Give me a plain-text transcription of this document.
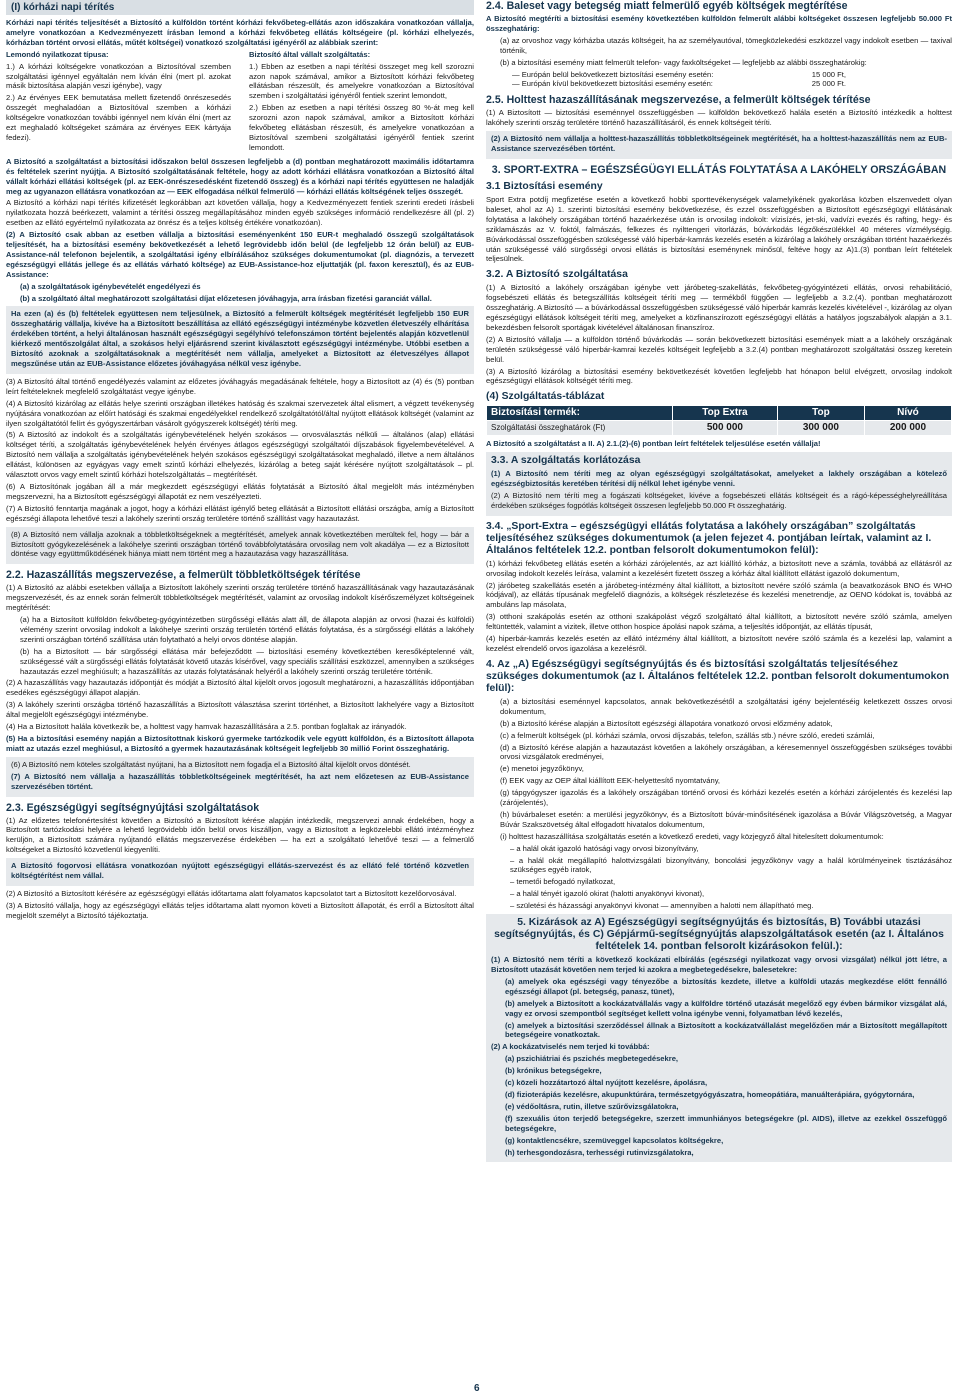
(I) kórházi napi térítés

Kórházi napi térítés teljesítését a Biztosító a külföldön történt kórházi fekvőbeteg-ellátás azon időszakára vonatkozóan vállalja, amelyre vonatkozóan a Kedvezményezett írásban lemond a kórházi fekvőbeteg ellátás költségeire (pl. kórházi elhelyezés, kórházban történt orvosi ellátás, műtét költségei) vonatkozó szolgáltatási igényéről az alábbiak szerint:

Lemondó nyilatkozat típusa:

1.) A kórházi költségekre vonatkozóan a Biztosítóval szemben szolgáltatási igénnyel egyáltalán nem kíván élni (mert pl. azokat másik biztosítása alapján veszi igénybe), vagy

2.) Az érvényes EEK bemutatása mellett fizetendő önrészesedés összegét meghaladóan a Biztosítóval szemben a kórházi költségekre vonatkozóan további igénnyel nem kíván élni (mert az ezt meghaladó költségeket számára az érvényes EEK kártyája fedezi).

Biztosító által vállalt szolgáltatás:

1.) Ebben az esetben a napi térítési összeget meg kell szorozni azon napok számával, amikor a Biztosított kórházi fekvőbeteg ellátásban részesült, és amelyekre vonatkozóan a Biztosítóval szemben i szolgáltatási igényéről fentiek szerint lemondott,

2.) Ebben az esetben a napi térítési összeg 80 %-át meg kell szorozni azon napok számával, amikor a Biztosított kórházi fekvőbeteg ellátásban részesült, és amelyekre vonatkozóan a Biztosítóval szembeni szolgáltatási igényéről fentiek szerint lemondott.

A Biztosító a szolgáltatást a biztosítási időszakon belül összesen legfeljebb a (d) pontban meghatározott maximális időtartamra és feltételek szerint nyújtja. A Biztosító szolgáltatásának feltétele, hogy az adott kórházi ellátásra vonatkozóan a Biztosító által vállalt kórházi ellátási költségek (pl. az EEK-önrészesedésként fizetendő összeg) és a kórházi napi térítés együttesen ne haladják meg az ugyanazon ellátásra vonatkozóan az — EEK elfogadása nélkül felmerülő — kórházi ellátás költségének teljes összegét.

A Biztosító a kórházi napi térítés kifizetését legkorábban azt követően vállalja, hogy a Kedvezményezett fentiek szerinti eredeti írásbeli nyilatkozata hozzá beérkezett, valamint a térítési összeg megállapításához minden egyéb szükséges információ rendelkezésre áll (pl. 2) esetben az ellátó egyértelmű nyilatkozata az önrész és a teljes költség értékére vonatkozóan).

(2) A Biztosító csak abban az esetben vállalja a biztosítási eseményenként 150 EUR-t meghaladó összegű szolgáltatások teljesítését, ha a biztosítási esemény bekövetkezését a lehető legrövidebb időn belül (de legfeljebb 12 órán belül) az EUB-Assistance-nál telefonon bejelentik, a szolgáltatási igény elbírálásához szükséges dokumentumokat (pl. diagnózis, a tervezett egészségügyi ellátás jellege és az ellátás várható költsége) az EUB-Assistance-hoz eljuttatják (pl. faxon keresztül), és az EUB-Assistance:

(a) a szolgáltatások igénybevételét engedélyezi és

(b) a szolgáltató által meghatározott szolgáltatási díjat előzetesen jóváhagyja, arra írásban fizetési garanciát vállal.

Ha ezen (a) és (b) feltételek együttesen nem teljesülnek, a Biztosító a felmerült költségek megtérítését legfeljebb 150 EUR összeghatárig vállalja, kivéve ha a Biztosított beszállítása az ellátó egészségügyi intézménybe közvetlen életveszély elhárítása érdekében történt, a helyi általánosan használt egészségügyi segélyhívó telefonszámon történt bejelentés alapján közvetlenül kiérkező mentőszolgálat által, a szokásos helyi eljárásrend szerint kiválasztott egészségügyi intézménybe. Utóbbi esetben a Biztosító azoknak a szolgáltatásoknak a megtérítését nem vállalja, amelyeket a Biztosított az életveszélyes állapot megszűnése után az EUB-Assistance előzetes jóváhagyása nélkül vesz igénybe.

(3) A Biztosító által történő engedélyezés valamint az előzetes jóváhagyás megadásának feltétele, hogy a Biztosított az (4) és (5) pontban leírt feltételeknek megfelelő szolgáltatást vegye igénybe.

(4) A Biztosító kizárólag az ellátás helye szerinti országban illetékes hatóság és szakmai szervezetek által elismert, a végzett tevékenység nyújtására vonatkozóan az előírt hatósági és szakmai engedélyekkel rendelkező szolgáltatótól/által nyújtott ellátások költségét (valamint az ilyen szolgáltatótól felírt és gyógyszertárban vásárolt gyógyszerek költségét) téríti meg.

(5) A Biztosító az indokolt és a szolgáltatás igénybevételének helyén szokásos — orvosválasztás nélküli — általános (alap) ellátási költséget téríti, a szolgáltatás igénybevételének helyén érvényes átlagos egészségügyi szolgáltatói díjszabások figyelembevételével. A Biztosító nem vállalja a szolgáltatás igénybevételének helyén szokásos egészségügyi szolgáltatásokat meghaladó, illetve a nem általános ellátást, különösen az egyágyas vagy emelt szintű kórházi elhelyezés, kizárólag a beteg saját kérésére nyújtott szolgáltatások – pl. választott orvos vagy emelt szintű kórházi hotelszolgáltatás – megtérítését.

(6) A Biztosítónak jogában áll a már megkezdett egészségügyi ellátás folytatását a Biztosító által megjelölt más intézményben megszervezni, ha a Biztosított egészségügyi állapotát ez nem veszélyezteti.

(7) A Biztosító fenntartja magának a jogot, hogy a kórházi ellátást igénylő beteg ellátását a Biztosított ellátási országba, amíg a Biztosított egészségi állapota lehetővé teszi a lakóhely szerinti ország területére történő szállítást vagy hazautazást.

(8) A Biztosító nem vállalja azoknak a többletköltségeknek a megtérítését, amelyek annak következtében merültek fel, hogy — bár a Biztosított gyógykezelésének a lakóhelye szerinti országban történő továbbfolytatására orvosilag nem volt akadálya — ez a Biztosított döntése vagy együttműködésének hiánya miatt nem történt meg a hazautazása vagy hazaszállítása.

2.2. Hazaszállítás megszervezése, a felmerült többletköltségek térítése

(1) A Biztosító az alábbi esetekben vállalja a Biztosított lakóhely szerinti ország területére történő hazaszállításának vagy hazautazásának megszervezését, és az ennek során felmerült többletköltségek megtérítését, valamint az orvosilag indokolt kísérőszemélyzet költségeinek megtérítését:

(a) ha a Biztosított külföldön fekvőbeteg-gyógyintézetben sürgősségi ellátás alatt áll, de állapota alapján az orvosi (hazai és külföldi) vélemény szerint orvosilag indokolt a lakóhelye szerinti ország területén történő ellátás folytatása, és a sürgősségi ellátás a lakóhely szerinti országban történő szállítása után folytatható a helyi orvos döntése alapján.

(b) ha a Biztosított — bár sürgősségi ellátása már befejeződött — biztosítási esemény következtében keresőképtelenné vált, szükségessé vált a sürgősségi ellátás folytatását követő utazás kísérővel, vagy speciális szállítási eszközzel, amennyiben a szükséges hazautazás ezzel meghiúsult; a hazaszállítás az utazás folytatásának helyéről a lakóhely szerinti ország területére történik.

(2) A hazaszállítás vagy hazautazás időpontját és módját a Biztosító által kijelölt orvos jogosult meghatározni, a hazaszállítás időpontjában esedékes egészségügyi állapot alapján.

(3) A lakóhely szerinti országba történő hazaszállítás a Biztosított választása szerint történhet, a Biztosított lakhelyére vagy a Biztosított által megjelölt egészségügyi intézménybe.

(4) Ha a Biztosított halála következik be, a holttest vagy hamvak hazaszállítására a 2.5. pontban foglaltak az irányadók.

(5) Ha a biztosítási esemény napján a Biztosítottnak kiskorú gyermeke tartózkodik vele együtt külföldön, és a Biztosított állapota miatt az utazás ezzel meghiúsul, a Biztosító a gyermek hazautazásának költségeit legfeljebb 30 millió Forint összeghatárig.

(6) A Biztosító nem köteles szolgáltatást nyújtani, ha a Biztosított nem fogadja el a Biztosító által kijelölt orvos döntését.

(7) A Biztosító nem vállalja a hazaszállítás többletköltségeinek megtérítését, ha azt nem előzetesen az EUB-Assistance szervezésében történt.

2.3. Egészségügyi segítségnyújtási szolgáltatások

(1) Az előzetes telefonértesítést követően a Biztosító a Biztosított kérése alapján intézkedik, megszervezi annak érdekében, hogy a Biztosított tartózkodási helyére a lehető legrövidebb időn belül orvos kiszálljon, vagy a Biztosított a legközelebbi ellátó intézményhez kerüljön, a Biztosított számára nyújtandó ellátás megszervezése érdekében — ha ezt a szolgáltató lehetővé teszi — a felmerülő költségeket a Biztosító közvetlenül kiegyenlíti.

A Biztosító fogorvosi ellátásra vonatkozóan nyújtott egészségügyi ellátás-szervezést és az ellátó felé történő közvetlen költségtérítést nem vállal.

(2) A Biztosító a Biztosított kérésére az egészségügyi ellátás időtartama alatt folyamatos kapcsolatot tart a Biztosított kezelőorvosával.

(3) A Biztosító vállalja, hogy az egészségügyi ellátás teljes időtartama alatt nyomon követi a Biztosított állapotát, és erről a Biztosított által megjelölt személyt a Biztosító tájékoztatja.

2.4. Baleset vagy betegség miatt felmerülő egyéb költségek megtérítése

A Biztosító megtéríti a biztosítási esemény következtében külföldön felmerült alábbi költségeket összesen legfeljebb 50.000 Ft összeghatárig:

(a) az orvoshoz vagy kórházba utazás költségeit, ha az személyautóval, tömegközlekedési eszközzel vagy indokolt esetben — taxival történik,

(b) a biztosítási esemény miatt felmerült telefon- vagy faxköltségeket — legfeljebb az alábbi összeghatárokig:

— Európán belül bekövetkezett biztosítási esemény esetén:	15 000 Ft,
— Európán kívül bekövetkezett biztosítási esemény esetén:	25 000 Ft.
2.5. Holttest hazaszállításának megszervezése, a felmerült költségek térítése

(1) A Biztosított — biztosítási eseménnyel összefüggésben — külföldön bekövetkező halála esetén a Biztosító intézkedik a holttest lakóhely szerinti ország területére történő hazaszállításáról, és ennek költségeit téríti.

(2) A Biztosító nem vállalja a holttest-hazaszállítás többletköltségeinek megtérítését, ha a holttest-hazaszállítás nem az EUB-Assistance szervezésében történt.

3. SPORT-EXTRA – EGÉSZSÉGÜGYI ELLÁTÁS FOLYTATÁSA A LAKÓHELY ORSZÁGÁBAN
3.1 Biztosítási esemény

Sport Extra potdíj megfizetése esetén a következő hobbi sporttevékenységek valamelyikének gyakorlása közben elszenvedett olyan baleset, ahol az A) 1. szerinti biztosítási esemény bekövetkezése, és ezzel összefüggésben a Biztosított egészségügyi ellátásának folytatása a lakóhely országában történő hazaérkezése után is orvosilag indokolt: vízisízés, jet-ski, vadvízi evezés és rafting, hegy- és sziklamászás az V. foktól, falmászás, felkezes és nyilttengeri vitorlázás, búvárkodás légzőkészülékkel 40 méteres vízmélységig. Búvárkodással összefüggésben szükségessé váló hiperbár-kamrás kezelés esetén a kizárólag a lakóhely országában történt hazaérkezés után szükségessé váló sürgősségi orvosi ellátás is biztosítási eseménynek minősül, feltéve hogy az A)1.(3) pontban leírt feltételek teljesülnek.

3.2. A Biztosító szolgáltatása

(1) A Biztosító a lakóhely országában igénybe vett járóbeteg-szakellátás, fekvőbeteg-gyógyintézeti ellátás, orvosi rehabilitáció, fogsebészeti ellátás és betegszállítás költségeit téríti meg — termékből függően — legfeljebb a 3.2.(4). pontban meghatározott összeghatárig. A Biztosító — a búvárkodással összefüggésben szükségessé váló hiperbár kamrás kezelés kivételével -, kizárólag az olyan egészségügyi ellátások költségeit téríti meg, amelyeket a közfinanszírozott egészségügyi ellátás a hatályos jogszabályok alapján a 3.1. bekezdésben felsorolt sportágak kivételével általánosan finanszíroz.

(2) A Biztosító vállalja — a külföldön történő búvárkodás — során bekövetkezett biztosítási események miatt a a lakóhely országának területén szükségessé váló hiperbár-kamrai kezelés költségeit legfeljebb a 3.2.(4) pontban meghatározott szolgáltatási összeg keretein belül.

(3) A Biztosító kizárólag a biztosítási esemény bekövetkezését követően legfeljebb hat hónapon belül elvégzett, orvosilag indokolt egészségügyi ellátások költségét téríti meg.

(4) Szolgáltatás-táblázat
Biztosítási termék:	Top Extra	Top	Nívó
Szolgáltatási összeghatárok (Ft)	500 000	300 000	200 000

A Biztosító a szolgáltatást a II. A) 2.1.(2)-(6) pontban leírt feltételek teljesülése esetén vállalja!

3.3. A szolgáltatás korlátozása

(1) A Biztosító nem téríti meg az olyan egészségügyi szolgáltatásokat, amelyeket a lakhely országában a kötelező egészségbiztosítás keretében térítési díj nélkül lehet igénybe venni.

(2) A Biztosító nem téríti meg a fogászati költségeket, kivéve a fogsebészeti ellátás költségeit és a rágó-képességhelyreállítása érdekében szükséges fogpótlás költségeit összesen legfeljebb 50.000 Ft összeghatárig.

3.4. „Sport-Extra – egészségügyi ellátás folytatása a lakóhely országában” szolgáltatás teljesítéséhez szükséges dokumentumok (a jelen fejezet 4. pontjában leírtak, valamint az I. Általános feltételek 12.2. pontban felsorolt dokumentumokon felül):

(1) kórházi fekvőbeteg ellátás esetén a kórházi zárójelentés, az azt kiállító kórház, a biztosított neve a számla, továbbá az ellátásról az orvosilag indokolt kezelés leírása, valamint a kezelésért fizetett összeg a kórház által kiállított ellátást igazoló dokumentum,

(2) járóbeteg szakellátás esetén a járóbeteg-intézmény által kiállított, a biztosított nevére szóló számla (a beavatkozások BNO és WHO kódjával), az ellátás típusának megfelelő diagnózis, a költségek részletezése és kezelési menetrendje, az OENO kódokat is, továbbá az ambuláns lap másolata,

(3) otthoni szakápolás esetén az otthoni szakápolást végző szolgáltató által kiállított, a biztosított nevére szóló számla, amelyen feltüntették, valamint a vizitek, illetve otthon hospice ápolási napok száma, a teljesítés időpontját, az ellátás típusát,

(4) hiperbár-kamrás kezelés esetén az ellátó intézmény által kiállított, a biztosított nevére szóló számla és a kezelési lap, valamint a kezelést elrendelő orvos igazolása a kezelésről.

4. Az „A) Egészségügyi segítségnyújtás és és biztosítási szolgáltatás teljesítéséhez szükséges dokumentumok (az I. Általános feltételek 12.2. pontban felsorolt dokumentumokon felül):

(a) a biztosítási eseménnyel kapcsolatos, annak bekövetkezésétől a szolgáltatási igény bejelentéséig keletkezett összes orvosi dokumentum,

(b) a Biztosító kérése alapján a Biztosított egészségi állapotára vonatkozó orvosi előzmény adatok,

(c) a felmerült költségek (pl. kórházi számla, orvosi díjszabás, telefon, szállás stb.) névre szóló, eredeti számlái,

(d) a Biztosító kérése alapján a hazautazást követően a lakóhely országában, a kéresemennyel összefüggésben szükséges további orvosi vizsgálatok eredményei,

(e) menetoi jegyzőkönyv,

(f) EEK vagy az OEP által kiállított EEK-helyettesítő nyomtatvány,

(g) tápgyógyszer igazolás és a lakóhely országában történő orvosi és kórházi kezelés esetén a kórházi zárójelentés és kezelési lap (zárójelentés),

(h) búvárbaleset esetén: a merülési jegyzőkönyv, és a Biztosított búvár-minősítésének igazolása a Búvár Világszövetség, a Magyar Búvár Szakszövetség által elfogadott hivatalos dokumentum,

(i) holttest hazaszállítása szolgáltatás esetén a következő eredeti, vagy közjegyző által hitelesített dokumentumok:

– a halál okát igazoló hatósági vagy orvosi bizonyítvány,

– a halál okát megállapító halottvizsgálati bizonyítvány, boncolási jegyzőkönyv vagy a halál körülményeinek tisztázásához szükséges egyéb iratok,

– temetői befogadó nyilatkozat,

– a halál tényét igazoló okirat (halotti anyakönyvi kivonat),

– születési és házassági anyakönyvi kivonat — amennyiben a halotti nem állapítható meg.

5. Kizárások az A) Egészségügyi segítségnyújtás és biztosítás, B) További utazási segítségnyújtás, és C) Gépjármű-segítségnyújtás alapszolgáltatások esetén (az I. Általános feltételek 14. pontban felsorolt kizárásokon felül.):

(1) A Biztosító nem téríti a következő kockázati elbírálás (egészségi nyilatkozat vagy orvosi vizsgálat) nélkül jött létre, a Biztosított utazását követően nem terjed ki azokra a megbetegedésekre, balesetekre:

(a) amelyek oka egészségi vagy tényezőbe a biztosítás kezdete, illetve a külföldi utazás megkezdése előtt fennálló egészségi állapot (pl. betegség, panasz, tünet),

(b) amelyek a Biztosított a kockázatvállalás vagy a külföldre történő utazását megelőző egy évben bármikor vizsgálat alá, vagy ez orvosi szempontból segítséget kellett volna igénybe venni, folyamatban lévő kezelés,

(c) amelyek a biztosítási szerződéssel állnak a Biztosított a kockázatvállalást megelőzően már a Biztosított megállapított betegségeire vonatkoztak.

(2) A kockázatviselés nem terjed ki továbbá:

(a) pszichiátriai és pszichés megbetegedésekre,

(b) krónikus betegségekre,

(c) közeli hozzátartozó által nyújtott kezelésre, ápolásra,

(d) fizioterápiás kezelésre, akupunktúrára, természetgyógyászatra, homeopátiára, manuálterápiára, gyógytornára,

(e) védőoltásra, rutin, illetve szűrővizsgálatokra,

(f) szexuális úton terjedő betegségekre, szerzett immunhiányos betegségekre (pl. AIDS), illetve az ezekkel összefüggő betegségekre,

(g) kontaktlencsékre, szemüveggel kapcsolatos költségekre,

(h) terhesgondozásra, terhességi rutinvizsgálatokra,

6
